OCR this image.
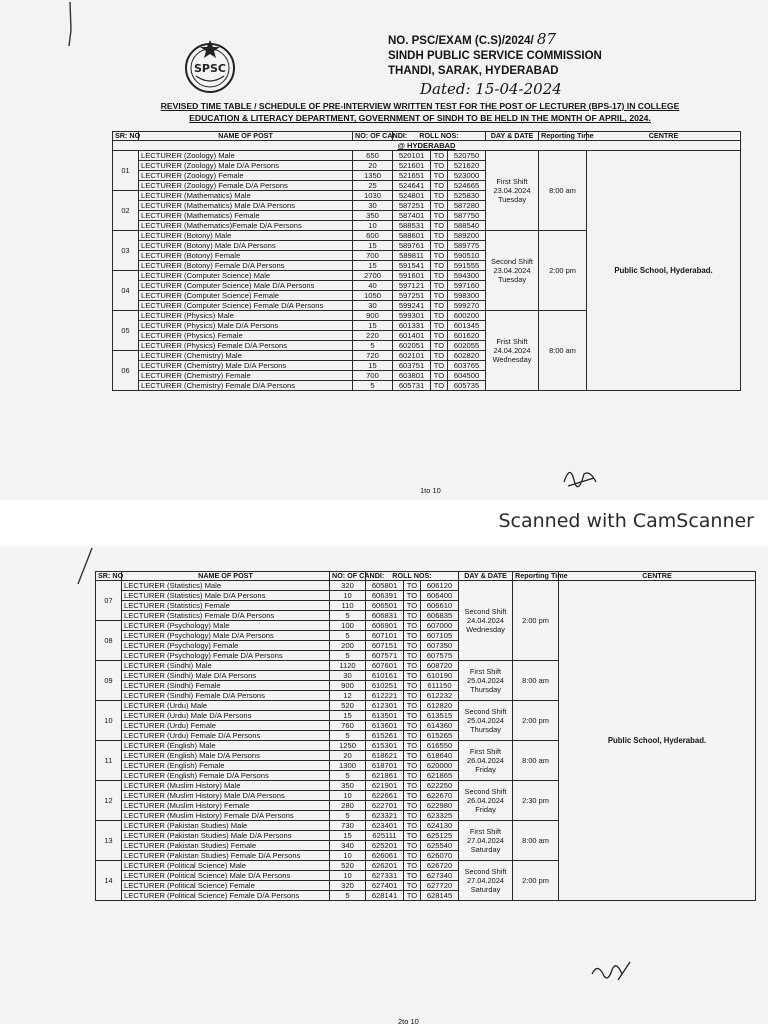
SPSC
NO. PSC/EXAM (C.S)/2024/ 87
SINDH PUBLIC SERVICE COMMISSION
THANDI, SARAK, HYDERABAD
Dated: 15-04-2024
REVISED TIME TABLE / SCHEDULE OF PRE-INTERVIEW WRITTEN TEST FOR THE POST OF LECTURER (BPS-17) IN COLLEGE
EDUCATION & LITERACY DEPARTMENT, GOVERNMENT OF SINDH TO BE HELD IN THE MONTH OF APRIL, 2024.
SR: NO	NAME OF POST	NO: OF CANDI:	ROLL NOS:			DAY & DATE	Reporting Time	CENTRE
@ HYDERABAD								
01	LECTURER (Zoology) Male	650	520101	TO	520750	First Shift
23.04.2024
Tuesday	8:00 am	Public School, Hyderabad.
	LECTURER (Zoology) Male D/A Persons	20	521601	TO	521620			
	LECTURER (Zoology) Female	1350	521651	TO	523000			
	LECTURER (Zoology) Female D/A Persons	25	524641	TO	524665			
02	LECTURER (Mathematics) Male	1030	524801	TO	525830			
	LECTURER (Mathematics) Male D/A Persons	30	587251	TO	587280			
	LECTURER (Mathematics) Female	350	587401	TO	587750			
	LECTURER (Mathematics)Female D/A Persons	10	588531	TO	588540			
03	LECTURER (Botony) Male	600	588601	TO	589200	Second Shift
23.04.2024
Tuesday	2:00 pm	
	LECTURER (Botony) Male D/A Persons	15	589761	TO	589775			
	LECTURER (Botony) Female	700	589811	TO	590510			
	LECTURER (Botony) Female D/A Persons	15	591541	TO	591555			
04	LECTURER (Computer Science) Male	2700	591601	TO	594300			
	LECTURER (Computer Science) Male D/A Persons	40	597121	TO	597160			
	LECTURER (Computer Science) Female	1050	597251	TO	598300			
	LECTURER (Computer Science) Female D/A Persons	30	599241	TO	599270			
05	LECTURER (Physics) Male	900	599301	TO	600200	Frist Shift
24.04.2024
Wednesday	8:00 am	
	LECTURER (Physics) Male D/A Persons	15	601331	TO	601345			
	LECTURER (Physics) Female	220	601401	TO	601620			
	LECTURER (Physics) Female D/A Persons	5	602051	TO	602055			
06	LECTURER (Chemistry) Male	720	602101	TO	602820			
	LECTURER (Chemistry) Male D/A Persons	15	603751	TO	603765			
	LECTURER (Chemistry) Female	700	603801	TO	604500			
	LECTURER (Chemistry) Female D/A Persons	5	605731	TO	605735			
1to 10
Scanned with CamScanner
SR: NO	NAME OF POST	NO: OF CANDI:	ROLL NOS:			DAY & DATE	Reporting Time	CENTRE
07	LECTURER (Statistics) Male	320	605801	TO	606120	Second Shift
24.04.2024
Wednesday	2:00 pm	Public School, Hyderabad.
	LECTURER (Statistics) Male D/A Persons	10	606391	TO	606400			
	LECTURER (Statistics) Female	110	606501	TO	606610			
	LECTURER (Statistics) Female D/A Persons	5	606831	TO	606835			
08	LECTURER (Psychology) Male	100	606901	TO	607000			
	LECTURER (Psychology) Male D/A Persons	5	607101	TO	607105			
	LECTURER (Psychology) Female	200	607151	TO	607350			
	LECTURER (Psychology) Female D/A Persons	5	607571	TO	607575			
09	LECTURER (Sindhi) Male	1120	607601	TO	608720	First Shift
25.04.2024
Thursday	8:00 am	
	LECTURER (Sindhi) Male D/A Persons	30	610161	TO	610190			
	LECTURER (Sindhi) Female	900	610251	TO	611150			
	LECTURER (Sindhi) Female D/A Persons	12	612221	TO	612232			
10	LECTURER (Urdu) Male	520	612301	TO	612820	Second Shift
25.04.2024
Thursday	2:00 pm	
	LECTURER (Urdu) Male D/A Persons	15	613501	TO	613515			
	LECTURER (Urdu) Female	760	613601	TO	614360			
	LECTURER (Urdu) Female D/A Persons	5	615261	TO	615265			
11	LECTURER (English) Male	1250	615301	TO	616550	First Shift
26.04.2024
Friday	8:00 am	
	LECTURER (English) Male D/A Persons	20	618621	TO	618640			
	LECTURER (English) Female	1300	618701	TO	620000			
	LECTURER (English) Female D/A Persons	5	621861	TO	621865			
12	LECTURER (Muslim History) Male	350	621901	TO	622250	Second Shift
26.04.2024
Friday	2:30 pm	
	LECTURER (Muslim History) Male D/A Persons	10	622661	TO	622670			
	LECTURER (Muslim History) Female	280	622701	TO	622980			
	LECTURER (Muslim History) Female D/A Persons	5	623321	TO	623325			
13	LECTURER (Pakistan Studies) Male	730	623401	TO	624130	First Shift
27.04.2024
Saturday	8:00 am	
	LECTURER (Pakistan Studies) Male D/A Persons	15	625111	TO	625125			
	LECTURER (Pakistan Studies) Female	340	625201	TO	625540			
	LECTURER (Pakistan Studies) Female D/A Persons	10	626061	TO	626070			
14	LECTURER (Political Science) Male	520	626201	TO	626720	Second Shift
27.04.2024
Saturday	2:00 pm	
	LECTURER (Political Science) Male D/A Persons	10	627331	TO	627340			
	LECTURER (Political Science) Female	320	627401	TO	627720			
	LECTURER (Political Science) Female D/A Persons	5	628141	TO	628145			
2to 10
